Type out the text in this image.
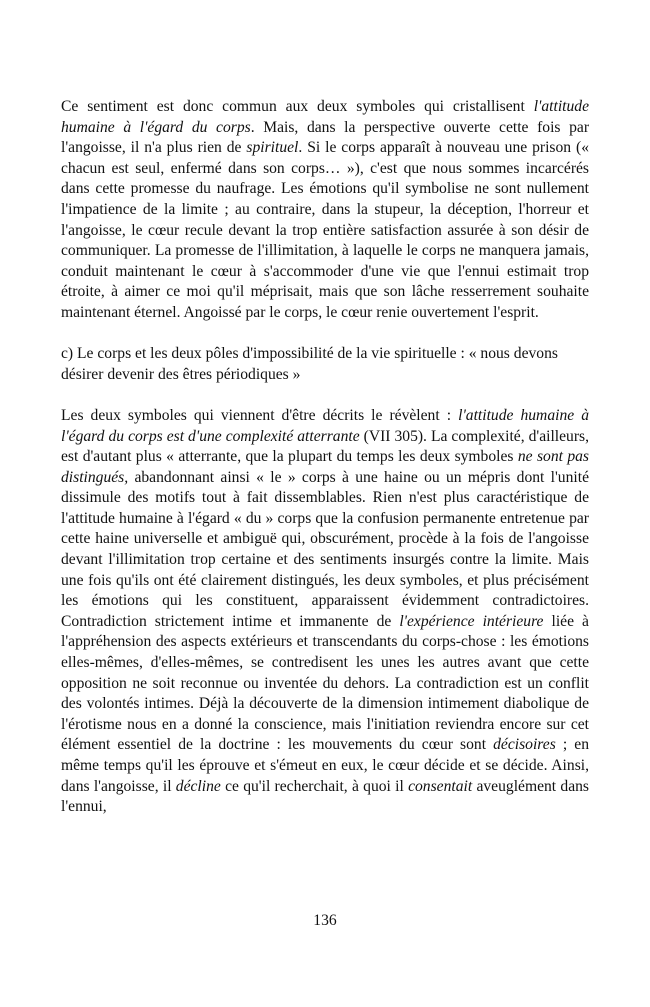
Ce sentiment est donc commun aux deux symboles qui cristallisent l'attitude humaine à l'égard du corps. Mais, dans la perspective ouverte cette fois par l'angoisse, il n'a plus rien de spirituel. Si le corps apparaît à nouveau une prison (« chacun est seul, enfermé dans son corps… »), c'est que nous sommes incarcérés dans cette promesse du naufrage. Les émotions qu'il symbolise ne sont nullement l'impatience de la limite ; au contraire, dans la stupeur, la déception, l'horreur et l'angoisse, le cœur recule devant la trop entière satisfaction assurée à son désir de communiquer. La promesse de l'illimitation, à laquelle le corps ne manquera jamais, conduit maintenant le cœur à s'accommoder d'une vie que l'ennui estimait trop étroite, à aimer ce moi qu'il méprisait, mais que son lâche resserrement souhaite maintenant éternel. Angoissé par le corps, le cœur renie ouvertement l'esprit.

c) Le corps et les deux pôles d'impossibilité de la vie spirituelle : « nous devons désirer devenir des êtres périodiques »

Les deux symboles qui viennent d'être décrits le révèlent : l'attitude humaine à l'égard du corps est d'une complexité atterrante (VII 305). La complexité, d'ailleurs, est d'autant plus « atterrante, que la plupart du temps les deux symboles ne sont pas distingués, abandonnant ainsi « le » corps à une haine ou un mépris dont l'unité dissimule des motifs tout à fait dissemblables. Rien n'est plus caractéristique de l'attitude humaine à l'égard « du » corps que la confusion permanente entretenue par cette haine universelle et ambiguë qui, obscurément, procède à la fois de l'angoisse devant l'illimitation trop certaine et des sentiments insurgés contre la limite. Mais une fois qu'ils ont été clairement distingués, les deux symboles, et plus précisément les émotions qui les constituent, apparaissent évidemment contradictoires. Contradiction strictement intime et immanente de l'expérience intérieure liée à l'appréhension des aspects extérieurs et transcendants du corps-chose : les émotions elles-mêmes, d'elles-mêmes, se contredisent les unes les autres avant que cette opposition ne soit reconnue ou inventée du dehors. La contradiction est un conflit des volontés intimes. Déjà la découverte de la dimension intimement diabolique de l'érotisme nous en a donné la conscience, mais l'initiation reviendra encore sur cet élément essentiel de la doctrine : les mouvements du cœur sont décisoires ; en même temps qu'il les éprouve et s'émeut en eux, le cœur décide et se décide. Ainsi, dans l'angoisse, il décline ce qu'il recherchait, à quoi il consentait aveuglément dans l'ennui,

136
